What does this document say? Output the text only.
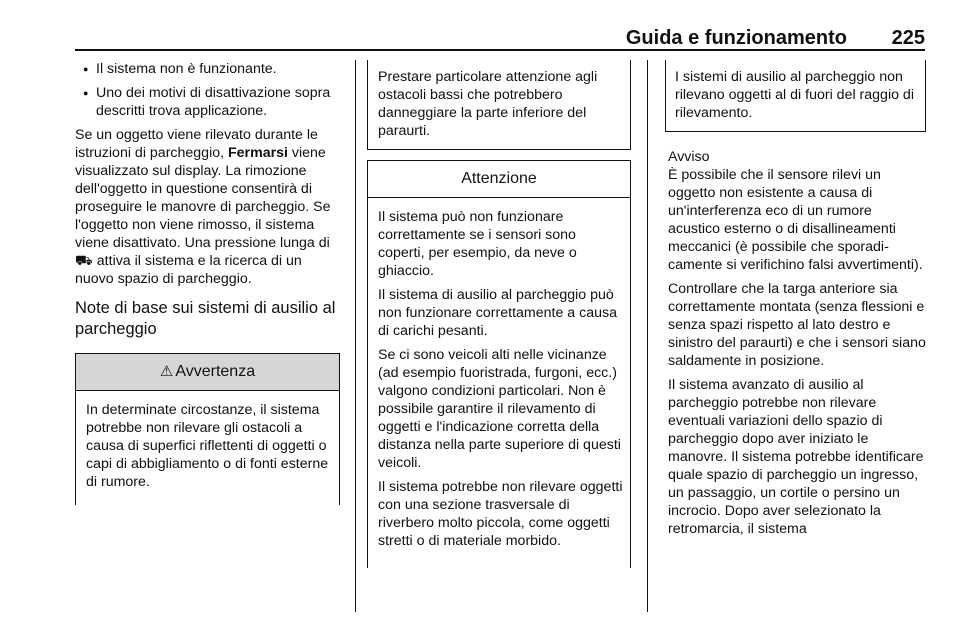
Guida e funzionamento 225
● Il sistema non è funzionante.
● Uno dei motivi di disattivazione sopra descritti trova applicazione.

Se un oggetto viene rilevato durante le istruzioni di parcheggio, Fermarsi viene visualizzato sul display. La rimozione dell'oggetto in questione consentirà di proseguire le manovre di parcheggio. Se l'oggetto non viene rimosso, il sistema viene disattivato. Una pressione lunga di ⛟ attiva il sistema e la ricerca di un nuovo spazio di parcheggio.

Note di base sui sistemi di ausilio al parcheggio
⚠ Avvertenza
In determinate circostanze, il sistema potrebbe non rilevare gli ostacoli a causa di superfici riflettenti di oggetti o capi di abbigliamento o di fonti esterne di rumore.
Prestare particolare attenzione agli ostacoli bassi che potrebbero danneggiare la parte inferiore del paraurti.
Attenzione

Il sistema può non funzionare correttamente se i sensori sono coperti, per esempio, da neve o ghiaccio.

Il sistema di ausilio al parcheggio può non funzionare correttamente a causa di carichi pesanti.

Se ci sono veicoli alti nelle vicinanze (ad esempio fuoristrada, furgoni, ecc.) valgono condizioni particolari. Non è possibile garantire il rilevamento di oggetti e l'indicazione corretta della distanza nella parte superiore di questi veicoli.

Il sistema potrebbe non rilevare oggetti con una sezione trasversale di riverbero molto piccola, come oggetti stretti o di materiale morbido.

I sistemi di ausilio al parcheggio non rilevano oggetti al di fuori del raggio di rilevamento.
Avviso

È possibile che il sensore rilevi un oggetto non esistente a causa di un'interferenza eco di un rumore acustico esterno o di disallineamenti meccanici (è possibile che sporadicamente si verifichino falsi avvertimenti).

Controllare che la targa anteriore sia correttamente montata (senza flessioni e senza spazi rispetto al lato destro e sinistro del paraurti) e che i sensori siano saldamente in posizione.

Il sistema avanzato di ausilio al parcheggio potrebbe non rilevare eventuali variazioni dello spazio di parcheggio dopo aver iniziato le manovre. Il sistema potrebbe identificare quale spazio di parcheggio un ingresso, un passaggio, un cortile o persino un incrocio. Dopo aver selezionato la retromarcia, il sistema
